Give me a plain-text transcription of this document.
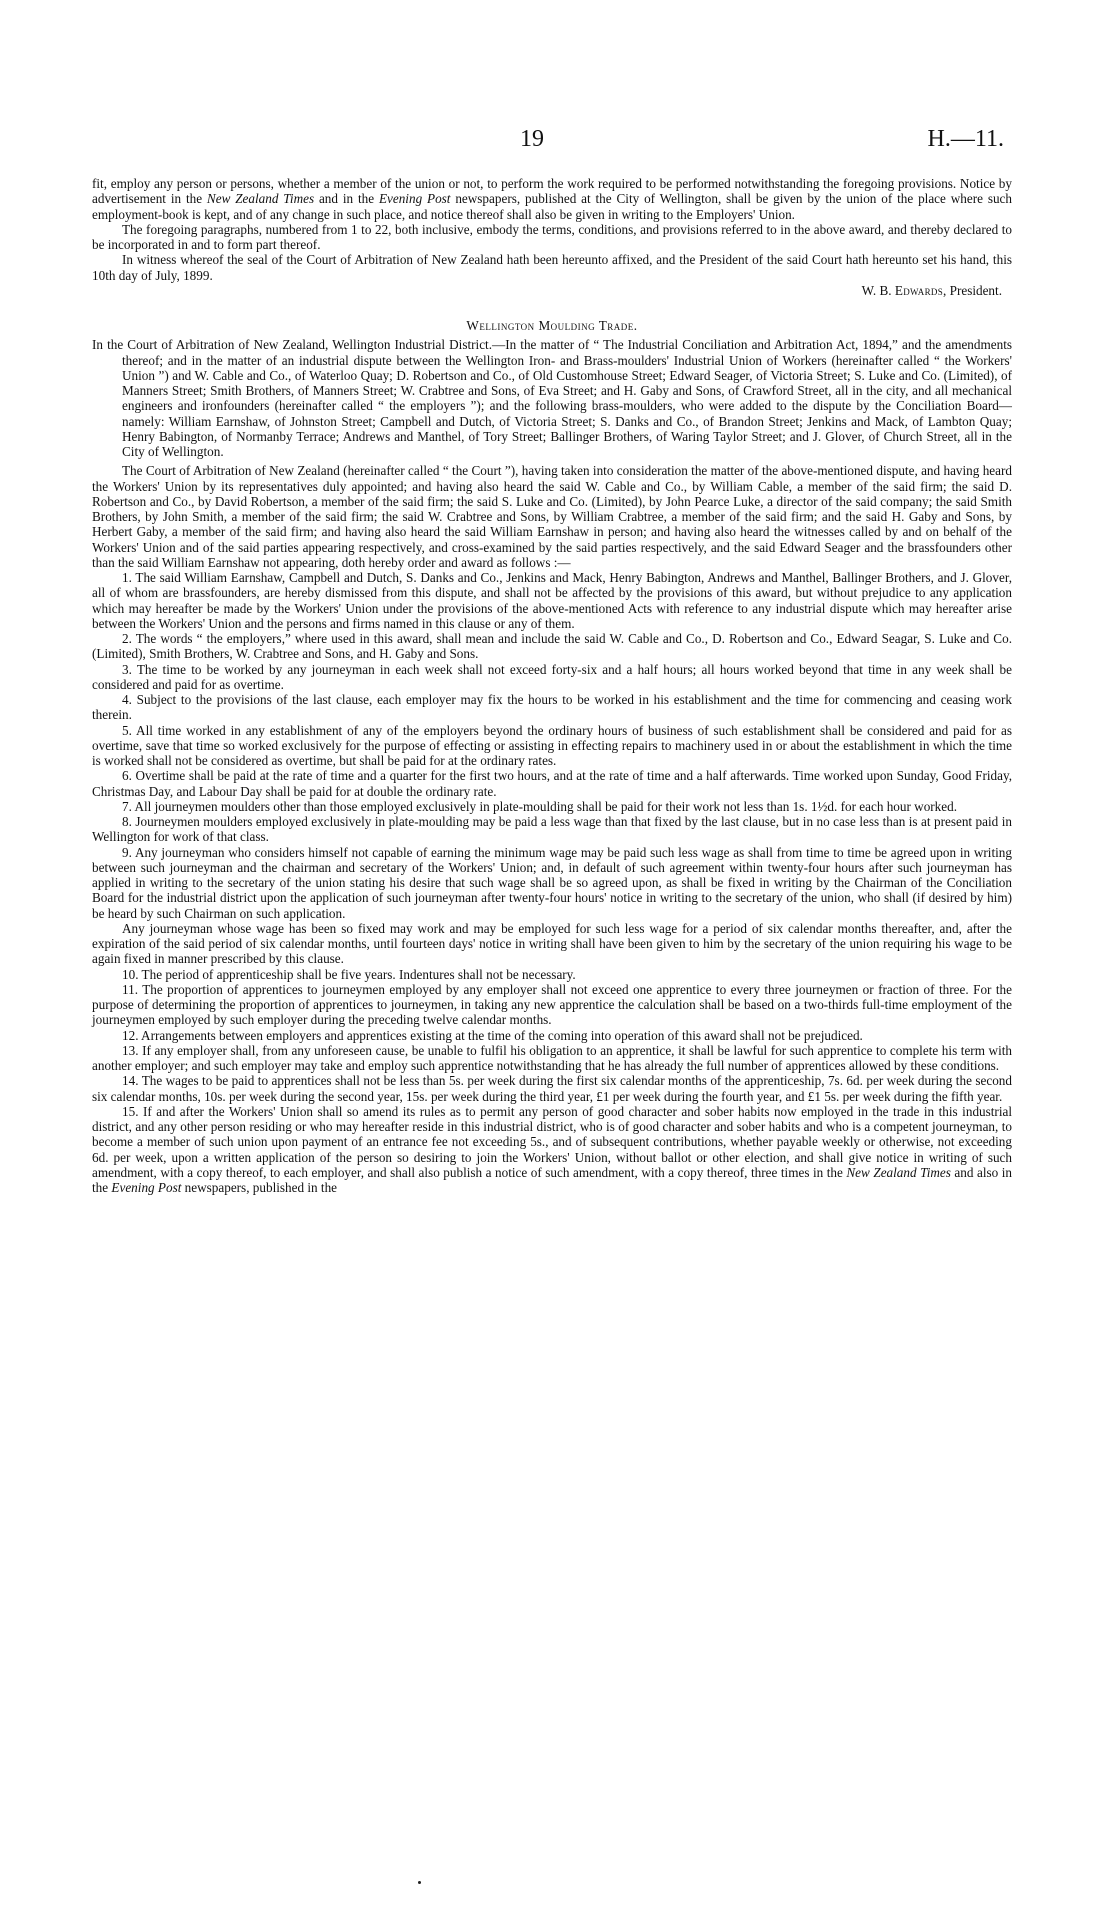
19	H.—11.

fit, employ any person or persons, whether a member of the union or not, to perform the work required to be performed notwithstanding the foregoing provisions. Notice by advertisement in the New Zealand Times and in the Evening Post newspapers, published at the City of Wellington, shall be given by the union of the place where such employment-book is kept, and of any change in such place, and notice thereof shall also be given in writing to the Employers' Union.

The foregoing paragraphs, numbered from 1 to 22, both inclusive, embody the terms, conditions, and provisions referred to in the above award, and thereby declared to be incorporated in and to form part thereof.

In witness whereof the seal of the Court of Arbitration of New Zealand hath been hereunto affixed, and the President of the said Court hath hereunto set his hand, this 10th day of July, 1899.

W. B. Edwards, President.

Wellington Moulding Trade.

In the Court of Arbitration of New Zealand, Wellington Industrial District.—In the matter of “ The Industrial Conciliation and Arbitration Act, 1894,” and the amendments thereof; and in the matter of an industrial dispute between the Wellington Iron- and Brass-moulders' Industrial Union of Workers (hereinafter called “ the Workers' Union ”) and W. Cable and Co., of Waterloo Quay; D. Robertson and Co., of Old Customhouse Street; Edward Seager, of Victoria Street; S. Luke and Co. (Limited), of Manners Street; Smith Brothers, of Manners Street; W. Crabtree and Sons, of Eva Street; and H. Gaby and Sons, of Crawford Street, all in the city, and all mechanical engineers and ironfounders (hereinafter called “ the employers ”); and the following brass-moulders, who were added to the dispute by the Conciliation Board—namely: William Earnshaw, of Johnston Street; Campbell and Dutch, of Victoria Street; S. Danks and Co., of Brandon Street; Jenkins and Mack, of Lambton Quay; Henry Babington, of Normanby Terrace; Andrews and Manthel, of Tory Street; Ballinger Brothers, of Waring Taylor Street; and J. Glover, of Church Street, all in the City of Wellington.

The Court of Arbitration of New Zealand (hereinafter called “ the Court ”), having taken into consideration the matter of the above-mentioned dispute, and having heard the Workers' Union by its representatives duly appointed; and having also heard the said W. Cable and Co., by William Cable, a member of the said firm; the said D. Robertson and Co., by David Robertson, a member of the said firm; the said S. Luke and Co. (Limited), by John Pearce Luke, a director of the said company; the said Smith Brothers, by John Smith, a member of the said firm; the said W. Crabtree and Sons, by William Crabtree, a member of the said firm; and the said H. Gaby and Sons, by Herbert Gaby, a member of the said firm; and having also heard the said William Earnshaw in person; and having also heard the witnesses called by and on behalf of the Workers' Union and of the said parties appearing respectively, and cross-examined by the said parties respectively, and the said Edward Seager and the brassfounders other than the said William Earnshaw not appearing, doth hereby order and award as follows :—

1. The said William Earnshaw, Campbell and Dutch, S. Danks and Co., Jenkins and Mack, Henry Babington, Andrews and Manthel, Ballinger Brothers, and J. Glover, all of whom are brassfounders, are hereby dismissed from this dispute, and shall not be affected by the provisions of this award, but without prejudice to any application which may hereafter be made by the Workers' Union under the provisions of the above-mentioned Acts with reference to any industrial dispute which may hereafter arise between the Workers' Union and the persons and firms named in this clause or any of them.

2. The words “ the employers,” where used in this award, shall mean and include the said W. Cable and Co., D. Robertson and Co., Edward Seagar, S. Luke and Co. (Limited), Smith Brothers, W. Crabtree and Sons, and H. Gaby and Sons.

3. The time to be worked by any journeyman in each week shall not exceed forty-six and a half hours; all hours worked beyond that time in any week shall be considered and paid for as overtime.

4. Subject to the provisions of the last clause, each employer may fix the hours to be worked in his establishment and the time for commencing and ceasing work therein.

5. All time worked in any establishment of any of the employers beyond the ordinary hours of business of such establishment shall be considered and paid for as overtime, save that time so worked exclusively for the purpose of effecting or assisting in effecting repairs to machinery used in or about the establishment in which the time is worked shall not be considered as overtime, but shall be paid for at the ordinary rates.

6. Overtime shall be paid at the rate of time and a quarter for the first two hours, and at the rate of time and a half afterwards. Time worked upon Sunday, Good Friday, Christmas Day, and Labour Day shall be paid for at double the ordinary rate.

7. All journeymen moulders other than those employed exclusively in plate-moulding shall be paid for their work not less than 1s. 1½d. for each hour worked.

8. Journeymen moulders employed exclusively in plate-moulding may be paid a less wage than that fixed by the last clause, but in no case less than is at present paid in Wellington for work of that class.

9. Any journeyman who considers himself not capable of earning the minimum wage may be paid such less wage as shall from time to time be agreed upon in writing between such journeyman and the chairman and secretary of the Workers' Union; and, in default of such agreement within twenty-four hours after such journeyman has applied in writing to the secretary of the union stating his desire that such wage shall be so agreed upon, as shall be fixed in writing by the Chairman of the Conciliation Board for the industrial district upon the application of such journeyman after twenty-four hours' notice in writing to the secretary of the union, who shall (if desired by him) be heard by such Chairman on such application.

Any journeyman whose wage has been so fixed may work and may be employed for such less wage for a period of six calendar months thereafter, and, after the expiration of the said period of six calendar months, until fourteen days' notice in writing shall have been given to him by the secretary of the union requiring his wage to be again fixed in manner prescribed by this clause.

10. The period of apprenticeship shall be five years. Indentures shall not be necessary.

11. The proportion of apprentices to journeymen employed by any employer shall not exceed one apprentice to every three journeymen or fraction of three. For the purpose of determining the proportion of apprentices to journeymen, in taking any new apprentice the calculation shall be based on a two-thirds full-time employment of the journeymen employed by such employer during the preceding twelve calendar months.

12. Arrangements between employers and apprentices existing at the time of the coming into operation of this award shall not be prejudiced.

13. If any employer shall, from any unforeseen cause, be unable to fulfil his obligation to an apprentice, it shall be lawful for such apprentice to complete his term with another employer; and such employer may take and employ such apprentice notwithstanding that he has already the full number of apprentices allowed by these conditions.

14. The wages to be paid to apprentices shall not be less than 5s. per week during the first six calendar months of the apprenticeship, 7s. 6d. per week during the second six calendar months, 10s. per week during the second year, 15s. per week during the third year, £1 per week during the fourth year, and £1 5s. per week during the fifth year.

15. If and after the Workers' Union shall so amend its rules as to permit any person of good character and sober habits now employed in the trade in this industrial district, and any other person residing or who may hereafter reside in this industrial district, who is of good character and sober habits and who is a competent journeyman, to become a member of such union upon payment of an entrance fee not exceeding 5s., and of subsequent contributions, whether payable weekly or otherwise, not exceeding 6d. per week, upon a written application of the person so desiring to join the Workers' Union, without ballot or other election, and shall give notice in writing of such amendment, with a copy thereof, to each employer, and shall also publish a notice of such amendment, with a copy thereof, three times in the New Zealand Times and also in the Evening Post newspapers, published in the
